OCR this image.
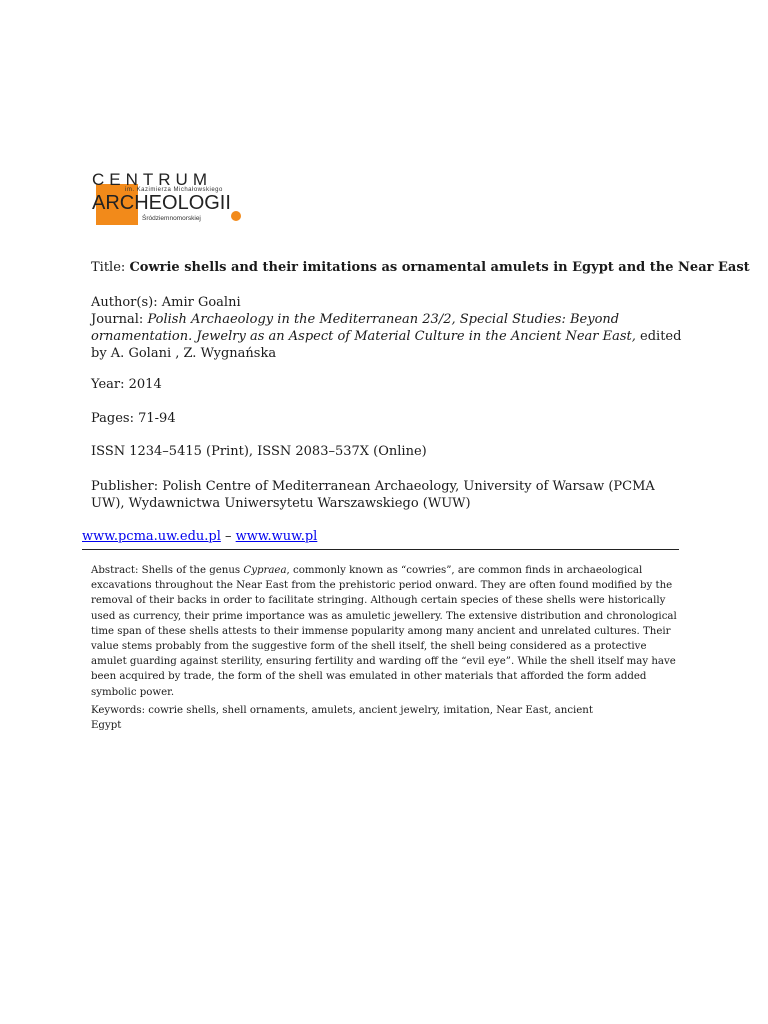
CENTRUM
im. Kazimierza Michałowskiego
ARCHEOLOGII
Śródziemnomorskiej
Title: Cowrie shells and their imitations as ornamental amulets in Egypt and the Near East
Author(s): Amir Goalni
Journal: Polish Archaeology in the Mediterranean 23/2, Special Studies: Beyond ornamentation. Jewelry as an Aspect of Material Culture in the Ancient Near East, edited by A. Golani , Z. Wygnańska
Year: 2014
Pages: 71-94
ISSN 1234–5415 (Print), ISSN 2083–537X (Online)
Publisher: Polish Centre of Mediterranean Archaeology, University of Warsaw (PCMA UW), Wydawnictwa Uniwersytetu Warszawskiego (WUW)
www.pcma.uw.edu.pl – www.wuw.pl
Abstract: Shells of the genus Cypraea, commonly known as “cowries”, are common finds in archaeological excavations throughout the Near East from the prehistoric period onward. They are often found modified by the removal of their backs in order to facilitate stringing. Although certain species of these shells were historically used as currency, their prime importance was as amuletic jewellery. The extensive distribution and chronological time span of these shells attests to their immense popularity among many ancient and unrelated cultures. Their value stems probably from the suggestive form of the shell itself, the shell being considered as a protective amulet guarding against sterility, ensuring fertility and warding off the “evil eye”. While the shell itself may have been acquired by trade, the form of the shell was emulated in other materials that afforded the form added symbolic power.
Keywords: cowrie shells, shell ornaments, amulets, ancient jewelry, imitation, Near East, ancient Egypt
